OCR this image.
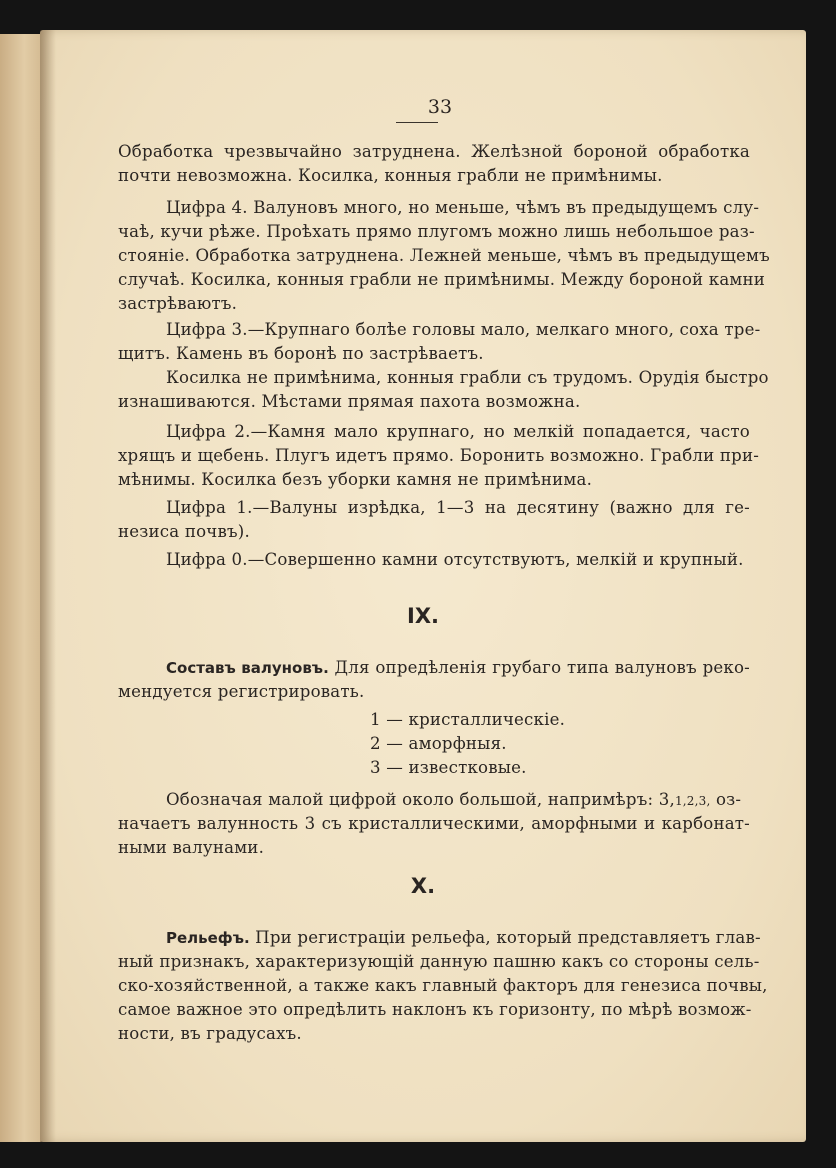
33
Обработка чрезвычайно затруднена. Желѣзной бороной обработка
почти невозможна. Косилка, конныя грабли не примѣнимы.
Цифра 4. Валуновъ много, но меньше, чѣмъ въ предыдущемъ слу-
чаѣ, кучи рѣже. Проѣхать прямо плугомъ можно лишь небольшое раз-
стояніе. Обработка затруднена. Лежней меньше, чѣмъ въ предыдущемъ
случаѣ. Косилка, конныя грабли не примѣнимы. Между бороной камни
застрѣваютъ.
Цифра 3.—Крупнаго болѣе головы мало, мелкаго много, соха тре-
щитъ. Камень въ боронѣ по застрѣваетъ.
Косилка не примѣнима, конныя грабли съ трудомъ. Орудія быстро
изнашиваются. Мѣстами прямая пахота возможна.
Цифра 2.—Камня мало крупнаго, но мелкій попадается, часто
хрящъ и щебень. Плугъ идетъ прямо. Боронить возможно. Грабли при-
мѣнимы. Косилка безъ уборки камня не примѣнима.
Цифра 1.—Валуны изрѣдка, 1—3 на десятину (важно для ге-
незиса почвъ).
Цифра 0.—Совершенно камни отсутствуютъ, мелкій и крупный.
IX.
Составъ валуновъ. Для опредѣленія грубаго типа валуновъ реко-
мендуется регистрировать.
1 — кристаллическіе.
2 — аморфныя.
3 — известковые.
Обозначая малой цифрой около большой, напримѣръ: 3,1,2,3, оз-
начаетъ валунность 3 съ кристаллическими, аморфными и карбонат-
ными валунами.
X.
Рельефъ. При регистраціи рельефа, который представляетъ глав-
ный признакъ, характеризующій данную пашню какъ со стороны сель-
ско-хозяйственной, а также какъ главный факторъ для генезиса почвы,
самое важное это опредѣлить наклонъ къ горизонту, по мѣрѣ возмож-
ности, въ градусахъ.
